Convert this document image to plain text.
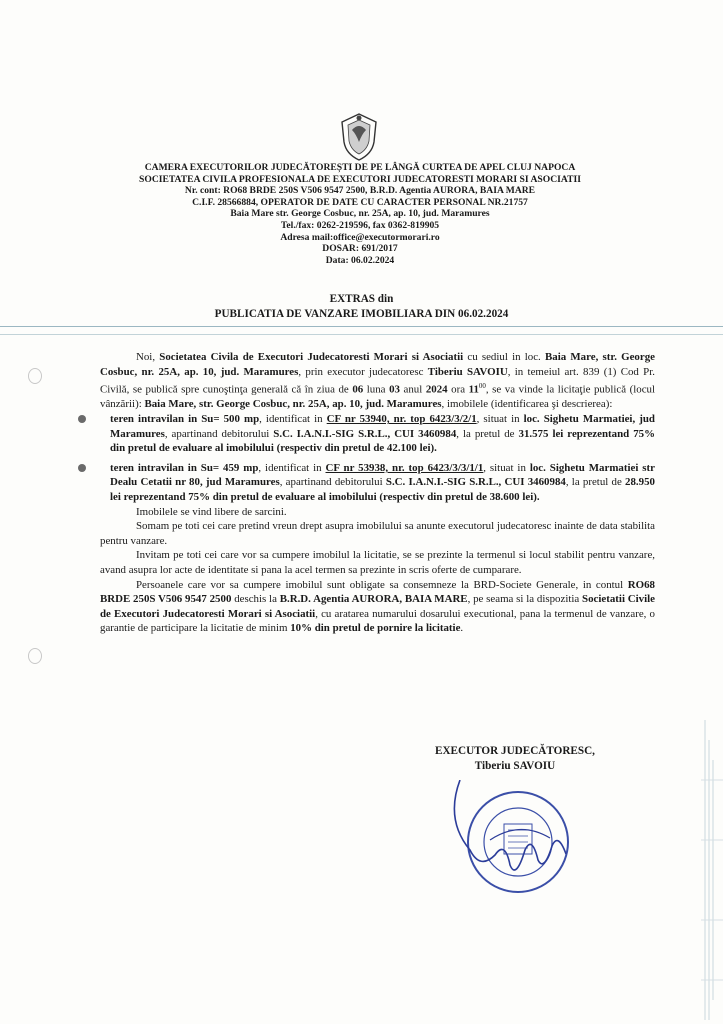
CAMERA EXECUTORILOR JUDECĂTOREȘTI DE PE LÂNGĂ CURTEA DE APEL CLUJ NAPOCA
SOCIETATEA CIVILA PROFESIONALA DE EXECUTORI JUDECATORESTI MORARI SI ASOCIATII
Nr. cont: RO68 BRDE 250S V506 9547 2500, B.R.D. Agentia AURORA, BAIA MARE
C.I.F. 28566884, OPERATOR DE DATE CU CARACTER PERSONAL NR.21757
Baia Mare str. George Cosbuc, nr. 25A, ap. 10, jud. Maramures
Tel./fax: 0262-219596, fax 0362-819905
Adresa mail:office@executormorari.ro
DOSAR: 691/2017
Data: 06.02.2024
EXTRAS din
PUBLICATIA DE VANZARE IMOBILIARA DIN 06.02.2024

Noi, Societatea Civila de Executori Judecatoresti Morari si Asociatii cu sediul in loc. Baia Mare, str. George Cosbuc, nr. 25A, ap. 10, jud. Maramures, prin executor judecatoresc Tiberiu SAVOIU, in temeiul art. 839 (1) Cod Pr. Civilă, se publică spre cunoştinţa generală că în ziua de 06 luna 03 anul 2024 ora $11^{00}$, se va vinde la licitaţie publică (locul vânzării): Baia Mare, str. George Cosbuc, nr. 25A, ap. 10, jud. Maramures, imobilele (identificarea şi descrierea):

teren intravilan in Su= 500 mp, identificat in CF nr 53940, nr. top 6423/3/2/1, situat in loc. Sighetu Marmatiei, jud Maramures, apartinand debitorului S.C. I.A.N.I.-SIG S.R.L., CUI 3460984, la pretul de 31.575 lei reprezentand 75% din pretul de evaluare al imobilului (respectiv din pretul de 42.100 lei).

teren intravilan in Su= 459 mp, identificat in CF nr 53938, nr. top 6423/3/3/1/1, situat in loc. Sighetu Marmatiei str Dealu Cetatii nr 80, jud Maramures, apartinand debitorului S.C. I.A.N.I.-SIG S.R.L., CUI 3460984, la pretul de 28.950 lei reprezentand 75% din pretul de evaluare al imobilului (respectiv din pretul de 38.600 lei).

Imobilele se vind libere de sarcini.

Somam pe toti cei care pretind vreun drept asupra imobilului sa anunte executorul judecatoresc inainte de data stabilita pentru vanzare.

Invitam pe toti cei care vor sa cumpere imobilul la licitatie, se se prezinte la termenul si locul stabilit pentru vanzare, avand asupra lor acte de identitate si pana la acel termen sa prezinte in scris oferte de cumparare.

Persoanele care vor sa cumpere imobilul sunt obligate sa consemneze la BRD-Societe Generale, in contul RO68 BRDE 250S V506 9547 2500 deschis la B.R.D. Agentia AURORA, BAIA MARE, pe seama si la dispozitia Societatii Civile de Executori Judecatoresti Morari si Asociatii, cu aratarea numarului dosarului executional, pana la termenul de vanzare, o garantie de participare la licitatie de minim 10% din pretul de pornire la licitatie.

EXECUTOR JUDECĂTORESC,
Tiberiu SAVOIU
